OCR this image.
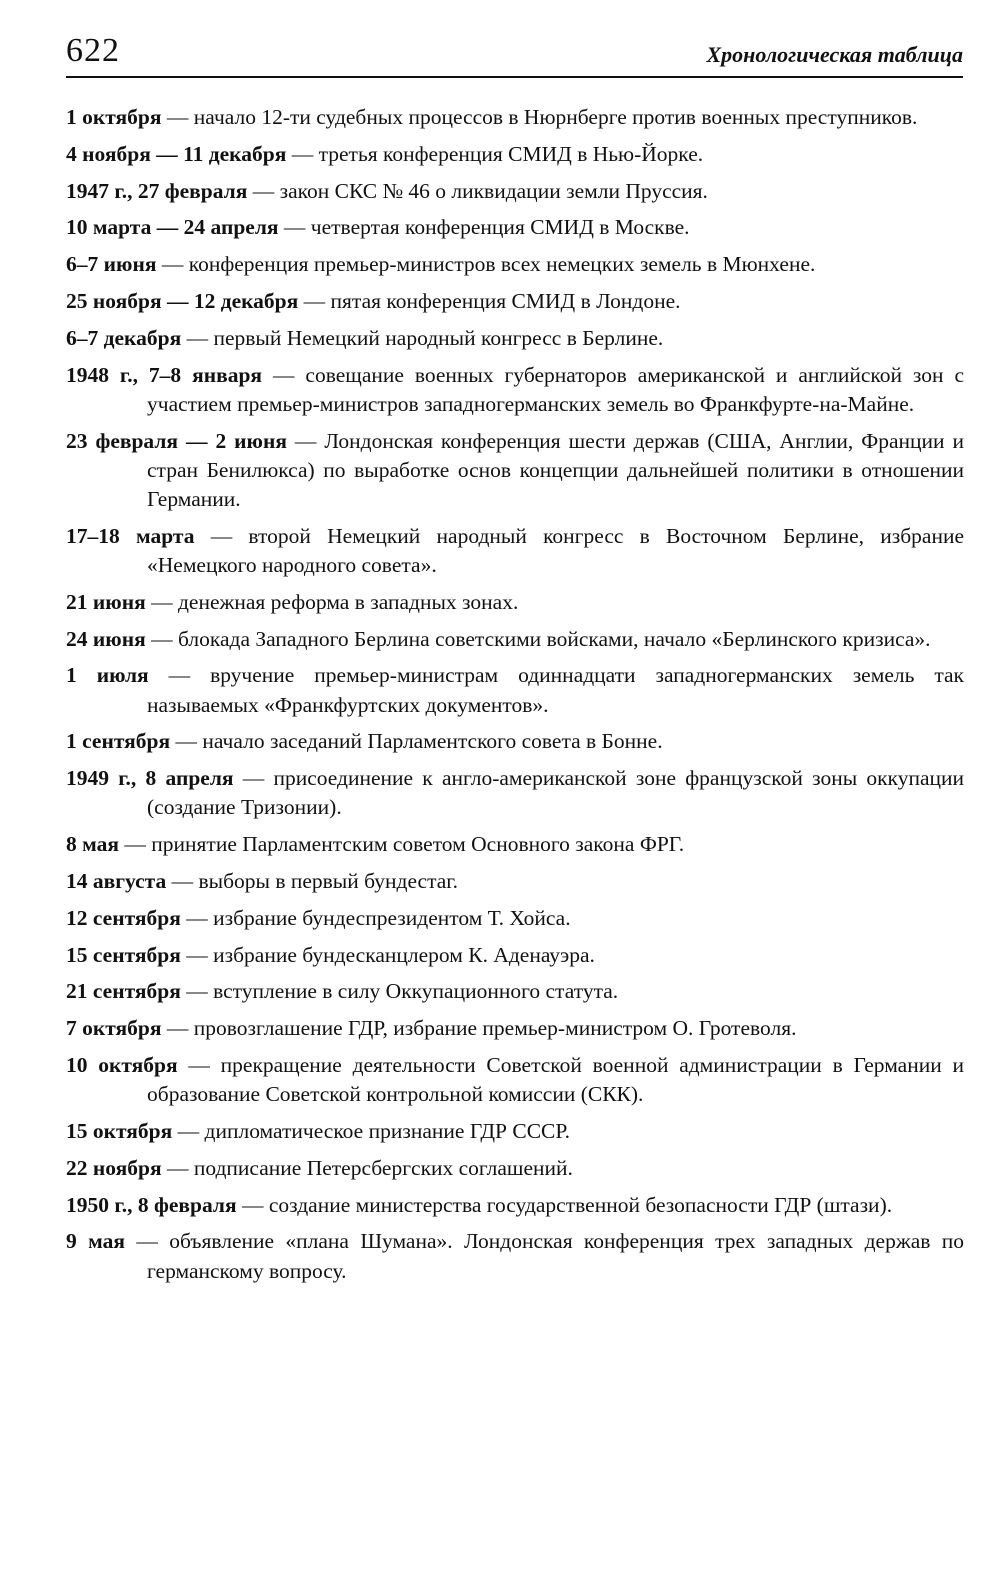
622	Хронологическая таблица

1 октября — начало 12-ти судебных процессов в Нюрнберге против военных преступников.

4 ноября — 11 декабря — третья конференция СМИД в Нью-Йорке.

1947 г., 27 февраля — закон СКС № 46 о ликвидации земли Пруссия.

10 марта — 24 апреля — четвертая конференция СМИД в Москве.

6–7 июня — конференция премьер-министров всех немецких земель в Мюнхене.

25 ноября — 12 декабря — пятая конференция СМИД в Лондоне.

6–7 декабря — первый Немецкий народный конгресс в Берлине.

1948 г., 7–8 января — совещание военных губернаторов американской и английской зон с участием премьер-министров западногерманских земель во Франкфурте-на-Майне.

23 февраля — 2 июня — Лондонская конференция шести держав (США, Англии, Франции и стран Бенилюкса) по выработке основ концепции дальнейшей политики в отношении Германии.

17–18 марта — второй Немецкий народный конгресс в Восточном Берлине, избрание «Немецкого народного совета».

21 июня — денежная реформа в западных зонах.

24 июня — блокада Западного Берлина советскими войсками, начало «Берлинского кризиса».

1 июля — вручение премьер-министрам одиннадцати западногерманских земель так называемых «Франкфуртских документов».

1 сентября — начало заседаний Парламентского совета в Бонне.

1949 г., 8 апреля — присоединение к англо-американской зоне французской зоны оккупации (создание Тризонии).

8 мая — принятие Парламентским советом Основного закона ФРГ.

14 августа — выборы в первый бундестаг.

12 сентября — избрание бундеспрезидентом Т. Хойса.

15 сентября — избрание бундесканцлером К. Аденауэра.

21 сентября — вступление в силу Оккупационного статута.

7 октября — провозглашение ГДР, избрание премьер-министром О. Гротеволя.

10 октября — прекращение деятельности Советской военной администрации в Германии и образование Советской контрольной комиссии (СКК).

15 октября — дипломатическое признание ГДР СССР.

22 ноября — подписание Петерсбергских соглашений.

1950 г., 8 февраля — создание министерства государственной безопасности ГДР (штази).

9 мая — объявление «плана Шумана». Лондонская конференция трех западных держав по германскому вопросу.
